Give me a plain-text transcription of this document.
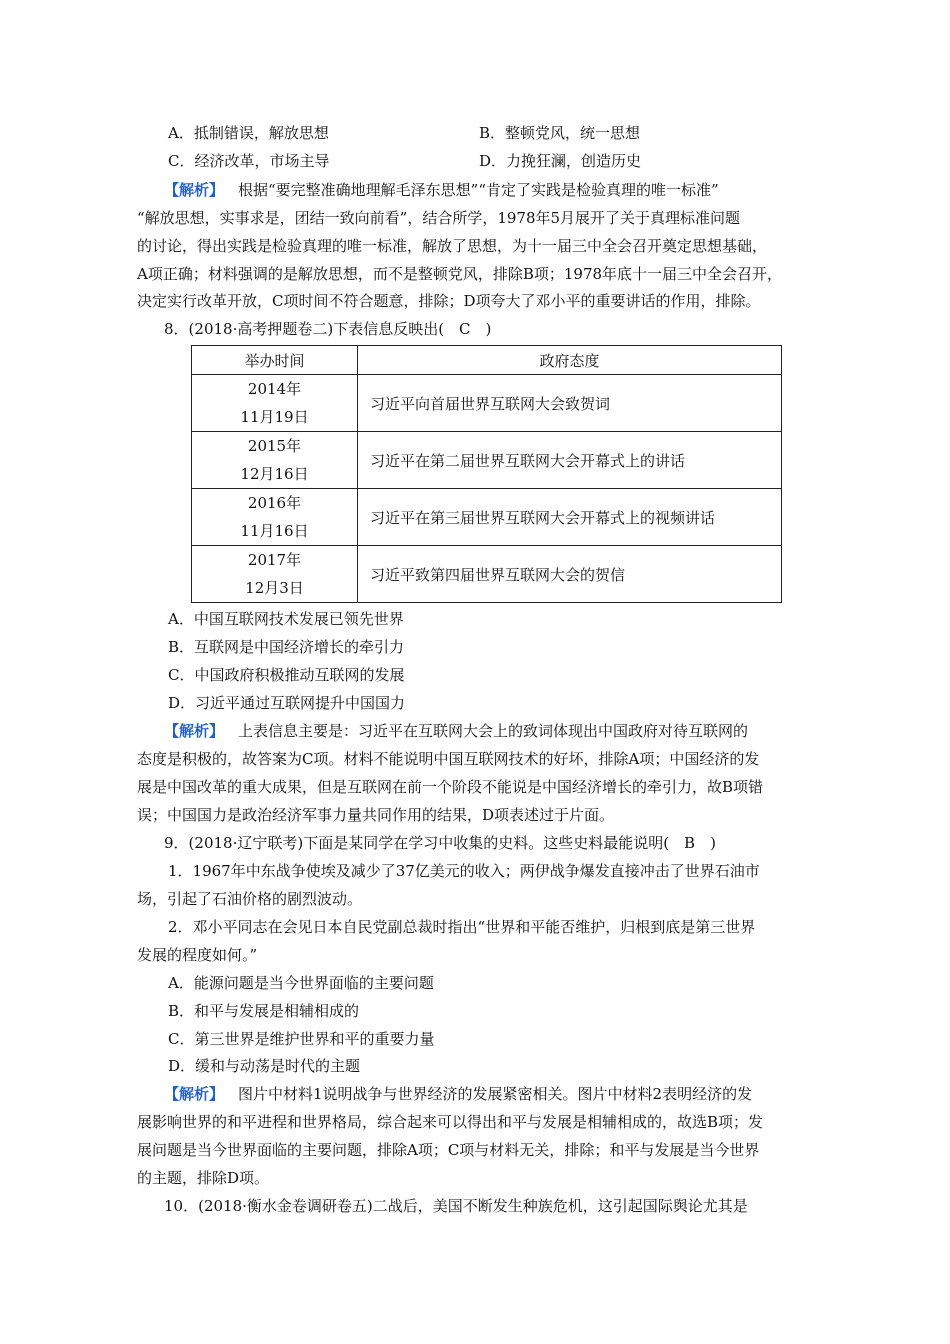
A．抵制错误，解放思想	B．整顿党风，统一思想
C．经济改革，市场主导	D．力挽狂澜，创造历史
【解析】 根据“要完整准确地理解毛泽东思想”“肯定了实践是检验真理的唯一标准”
“解放思想，实事求是，团结一致向前看”，结合所学，1978年5月展开了关于真理标准问题
的讨论，得出实践是检验真理的唯一标准，解放了思想，为十一届三中全会召开奠定思想基础，
A项正确；材料强调的是解放思想，而不是整顿党风，排除B项；1978年底十一届三中全会召开，
决定实行改革开放，C项时间不符合题意，排除；D项夸大了邓小平的重要讲话的作用，排除。
8．(2018·高考押题卷二)下表信息反映出(　C　)
举办时间	政府态度
2014年
11月19日	习近平向首届世界互联网大会致贺词
2015年
12月16日	习近平在第二届世界互联网大会开幕式上的讲话
2016年
11月16日	习近平在第三届世界互联网大会开幕式上的视频讲话
2017年
12月3日	习近平致第四届世界互联网大会的贺信
A．中国互联网技术发展已领先世界
B．互联网是中国经济增长的牵引力
C．中国政府积极推动互联网的发展
D．习近平通过互联网提升中国国力
【解析】 上表信息主要是：习近平在互联网大会上的致词体现出中国政府对待互联网的
态度是积极的，故答案为C项。材料不能说明中国互联网技术的好坏，排除A项；中国经济的发
展是中国改革的重大成果，但是互联网在前一个阶段不能说是中国经济增长的牵引力，故B项错
误；中国国力是政治经济军事力量共同作用的结果，D项表述过于片面。
9．(2018·辽宁联考)下面是某同学在学习中收集的史料。这些史料最能说明(　B　)
1．1967年中东战争使埃及减少了37亿美元的收入；两伊战争爆发直接冲击了世界石油市
场，引起了石油价格的剧烈波动。
2．邓小平同志在会见日本自民党副总裁时指出“世界和平能否维护，归根到底是第三世界
发展的程度如何。”
A．能源问题是当今世界面临的主要问题
B．和平与发展是相辅相成的
C．第三世界是维护世界和平的重要力量
D．缓和与动荡是时代的主题
【解析】 图片中材料1说明战争与世界经济的发展紧密相关。图片中材料2表明经济的发
展影响世界的和平进程和世界格局，综合起来可以得出和平与发展是相辅相成的，故选B项；发
展问题是当今世界面临的主要问题，排除A项；C项与材料无关，排除；和平与发展是当今世界
的主题，排除D项。
10．(2018·衡水金卷调研卷五)二战后，美国不断发生种族危机，这引起国际舆论尤其是
